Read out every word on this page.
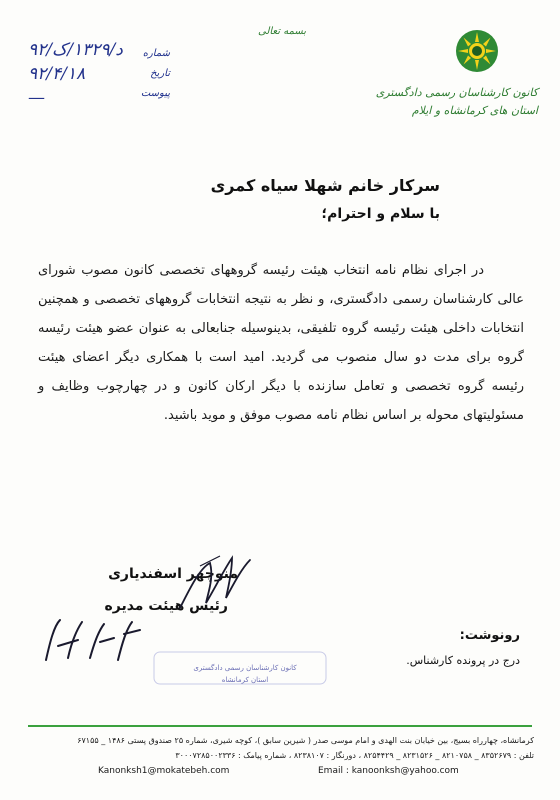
بسمه تعالی
کانون کارشناسان رسمی دادگستری
استان های کرمانشاه و ایلام
شماره
تاریخ
پیوست
۹۲/د/۱۳۲۹/ک
۹۲/۴/۱۸
—
سرکار خانم شهلا سیاه کمری
با سلام و احترام؛
در اجرای نظام نامه انتخاب هیئت رئیسه گروههای تخصصی کانون مصوب شورای عالی کارشناسان رسمی دادگستری، و نظر به نتیجه انتخابات گروههای تخصصی و همچنین انتخابات داخلی هیئت رئیسه گروه تلفیقی، بدینوسیله جنابعالی به عنوان عضو هیئت رئیسه گروه برای مدت دو سال منصوب می گردید. امید است با همکاری دیگر اعضای هیئت رئیسه گروه تخصصی و تعامل سازنده با دیگر ارکان کانون و در چهارچوب وظایف و مسئولیتهای محوله بر اساس نظام نامه مصوب موفق و موید باشید.
منوچهر اسفندیاری
رئیس هیئت مدیره
کانون کارشناسان رسمی دادگستری
استان کرمانشاه
رونوشت:
درج در پرونده کارشناس.
کرمانشاه، چهارراه بسیج، بین خیابان بنت الهدی و امام موسی صدر ( شیرین سابق )، کوچه شیری، شماره ۲۵ صندوق پستی ۱۴۸۶ _ ۶۷۱۵۵
تلفن : ۸۳۵۲۶۷۹ _ ۸۲۱۰۷۵۸ _ ۸۲۳۱۵۲۶ _ ۸۲۵۴۴۲۹ ، دورنگار : ۸۲۳۸۱۰۷ ، شماره پیامک : ۳۰۰۰۷۲۸۵۰۰۲۳۳۶
Kanonksh1@mokatebeh.com	Email : kanoonksh@yahoo.com
